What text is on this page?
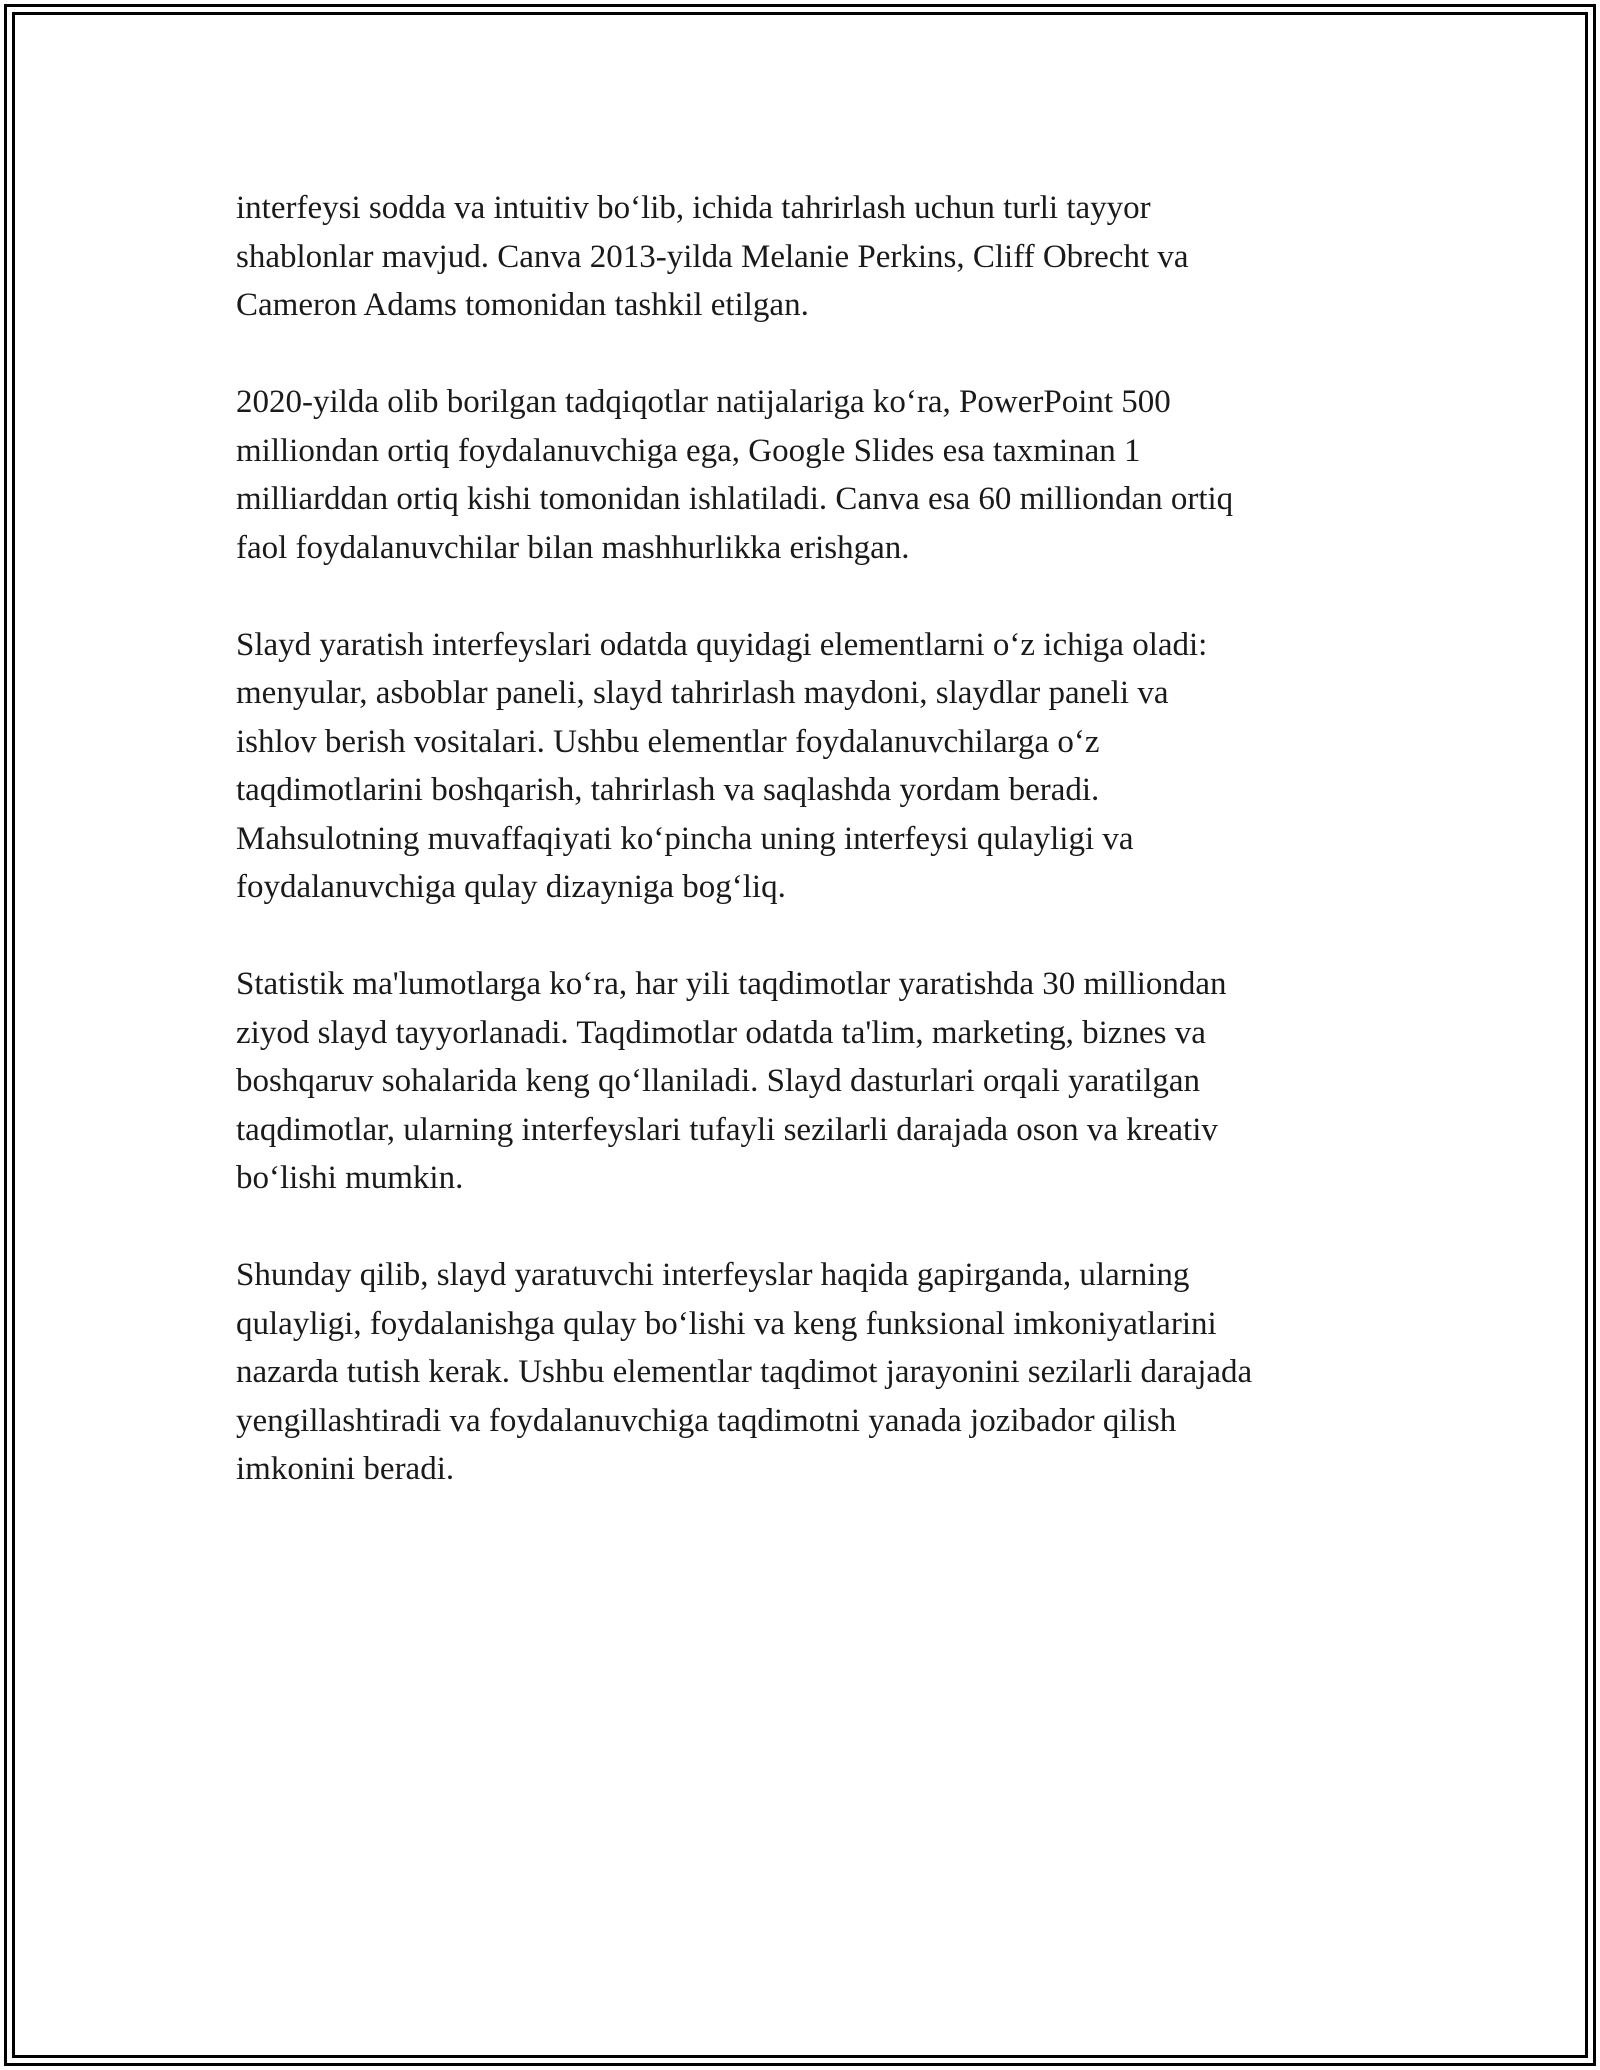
interfeysi sodda va intuitiv bo‘lib, ichida tahrirlash uchun turli tayyor
shablonlar mavjud. Canva 2013-yilda Melanie Perkins, Cliff Obrecht va
Cameron Adams tomonidan tashkil etilgan.

2020-yilda olib borilgan tadqiqotlar natijalariga ko‘ra, PowerPoint 500
milliondan ortiq foydalanuvchiga ega, Google Slides esa taxminan 1
milliarddan ortiq kishi tomonidan ishlatiladi. Canva esa 60 milliondan ortiq
faol foydalanuvchilar bilan mashhurlikka erishgan.

Slayd yaratish interfeyslari odatda quyidagi elementlarni o‘z ichiga oladi:
menyular, asboblar paneli, slayd tahrirlash maydoni, slaydlar paneli va
ishlov berish vositalari. Ushbu elementlar foydalanuvchilarga o‘z
taqdimotlarini boshqarish, tahrirlash va saqlashda yordam beradi.
Mahsulotning muvaffaqiyati ko‘pincha uning interfeysi qulayligi va
foydalanuvchiga qulay dizayniga bog‘liq.

Statistik ma'lumotlarga ko‘ra, har yili taqdimotlar yaratishda 30 milliondan
ziyod slayd tayyorlanadi. Taqdimotlar odatda ta'lim, marketing, biznes va
boshqaruv sohalarida keng qo‘llaniladi. Slayd dasturlari orqali yaratilgan
taqdimotlar, ularning interfeyslari tufayli sezilarli darajada oson va kreativ
bo‘lishi mumkin.

Shunday qilib, slayd yaratuvchi interfeyslar haqida gapirganda, ularning
qulayligi, foydalanishga qulay bo‘lishi va keng funksional imkoniyatlarini
nazarda tutish kerak. Ushbu elementlar taqdimot jarayonini sezilarli darajada
yengillashtiradi va foydalanuvchiga taqdimotni yanada jozibador qilish
imkonini beradi.
